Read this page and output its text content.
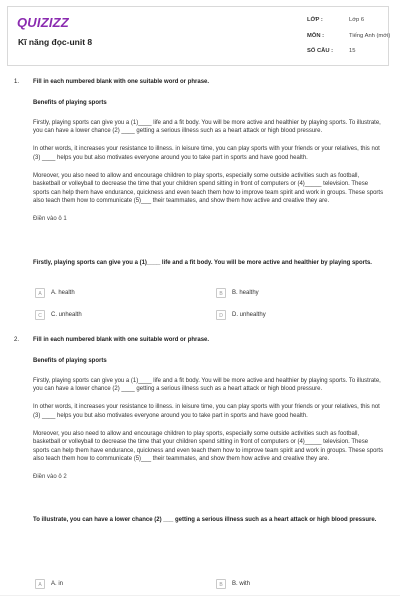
QUIZIZZ
Kĩ năng đọc-unit 8
LỚP :	Lớp 6
MÔN :	Tiếng Anh (mới)
SỐ CÂU :	15
1. Fill in each numbered blank with one suitable word or phrase.
Benefits of playing sports

Firstly, playing sports can give you a (1)____ life and a fit body. You will be more active and healthier by playing sports. To illustrate, you can have a lower chance (2) ____ getting a serious illness such as a heart attack or high blood pressure.

In other words, it increases your resistance to illness. in leisure time, you can play sports with your friends or your relatives, this not (3) ____ helps you but also motivates everyone around you to take part in sports and have good health.

Moreover, you also need to allow and encourage children to play sports, especially some outside activities such as football, basketball or volleyball to decrease the time that your children spend sitting in front of computers or (4)_____ television. These sports can help them have endurance, quickness and even teach them how to improve team spirit and work in groups. These sports also teach them how to communicate (5)___ their teammates, and show them how active and creative they are.

Điền vào ô 1
Firstly, playing sports can give you a (1)____ life and a fit body. You will be more active and healthier by playing sports.
A	A. health	B	B. healthy
C	C. unhealth	D	D. unhealthy
2. Fill in each numbered blank with one suitable word or phrase.
Benefits of playing sports

Firstly, playing sports can give you a (1)____ life and a fit body. You will be more active and healthier by playing sports. To illustrate, you can have a lower chance (2) ____ getting a serious illness such as a heart attack or high blood pressure.

In other words, it increases your resistance to illness. in leisure time, you can play sports with your friends or your relatives, this not (3) ____ helps you but also motivates everyone around you to take part in sports and have good health.

Moreover, you also need to allow and encourage children to play sports, especially some outside activities such as football, basketball or volleyball to decrease the time that your children spend sitting in front of computers or (4)_____ television. These sports can help them have endurance, quickness and even teach them how to improve team spirit and work in groups. These sports also teach them how to communicate (5)___ their teammates, and show them how active and creative they are.

Điền vào ô 2
To illustrate, you can have a lower chance (2) ___ getting a serious illness such as a heart attack or high blood pressure.
A	A. in	B	B. with
